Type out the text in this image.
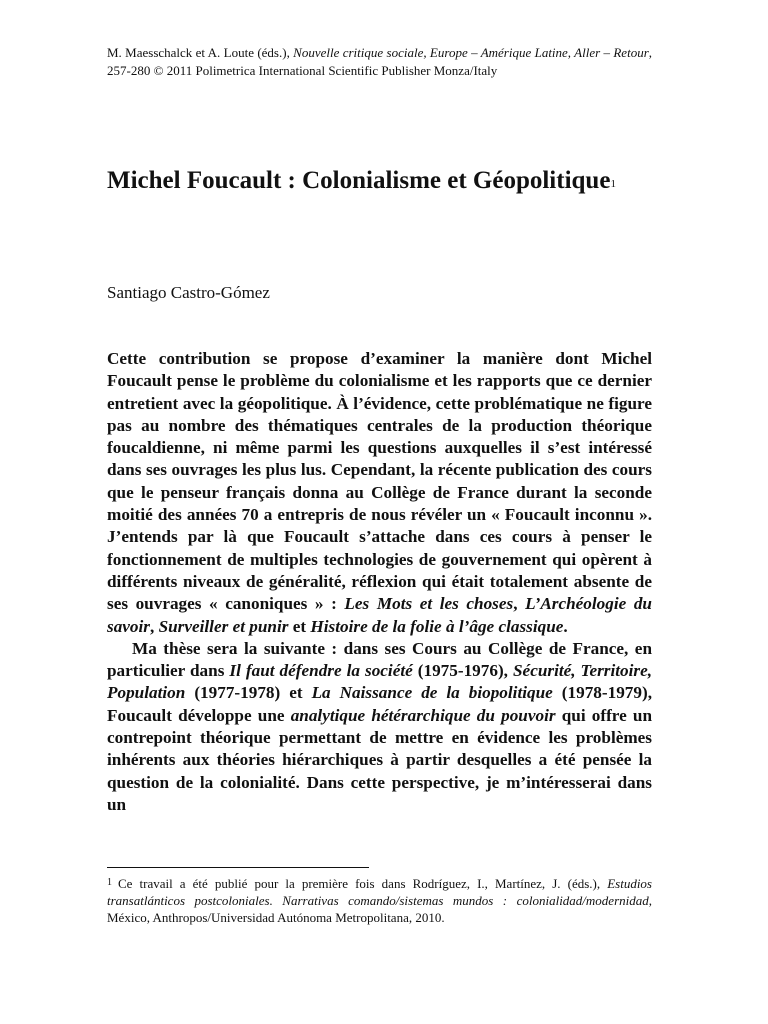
M. Maesschalck et A. Loute (éds.), Nouvelle critique sociale, Europe – Amérique Latine, Aller – Retour, 257-280 © 2011 Polimetrica International Scientific Publisher Monza/Italy
Michel Foucault : Colonialisme et Géopolitique$^1$
Santiago Castro-Gómez

Cette contribution se propose d’examiner la manière dont Michel Foucault pense le problème du colonialisme et les rapports que ce dernier entretient avec la géopolitique. À l’évidence, cette problématique ne figure pas au nombre des thématiques centrales de la production théorique foucaldienne, ni même parmi les questions auxquelles il s’est intéressé dans ses ouvrages les plus lus. Cependant, la récente publication des cours que le penseur français donna au Collège de France durant la seconde moitié des années 70 a entrepris de nous révéler un « Foucault inconnu ». J’entends par là que Foucault s’attache dans ces cours à penser le fonctionnement de multiples technologies de gouvernement qui opèrent à différents niveaux de généralité, réflexion qui était totalement absente de ses ouvrages « canoniques » : Les Mots et les choses, L’Archéologie du savoir, Surveiller et punir et Histoire de la folie à l’âge classique.

Ma thèse sera la suivante : dans ses Cours au Collège de France, en particulier dans Il faut défendre la société (1975-1976), Sécurité, Territoire, Population (1977-1978) et La Naissance de la biopolitique (1978-1979), Foucault développe une analytique hétérarchique du pouvoir qui offre un contrepoint théorique permettant de mettre en évidence les problèmes inhérents aux théories hiérarchiques à partir desquelles a été pensée la question de la colonialité. Dans cette perspective, je m’intéresserai dans un

$^1$ Ce travail a été publié pour la première fois dans Rodríguez, I., Martínez, J. (éds.), Estudios transatlánticos postcoloniales. Narrativas comando/sistemas mundos : colonialidad/modernidad, México, Anthropos/Universidad Autónoma Metropolitana, 2010.
